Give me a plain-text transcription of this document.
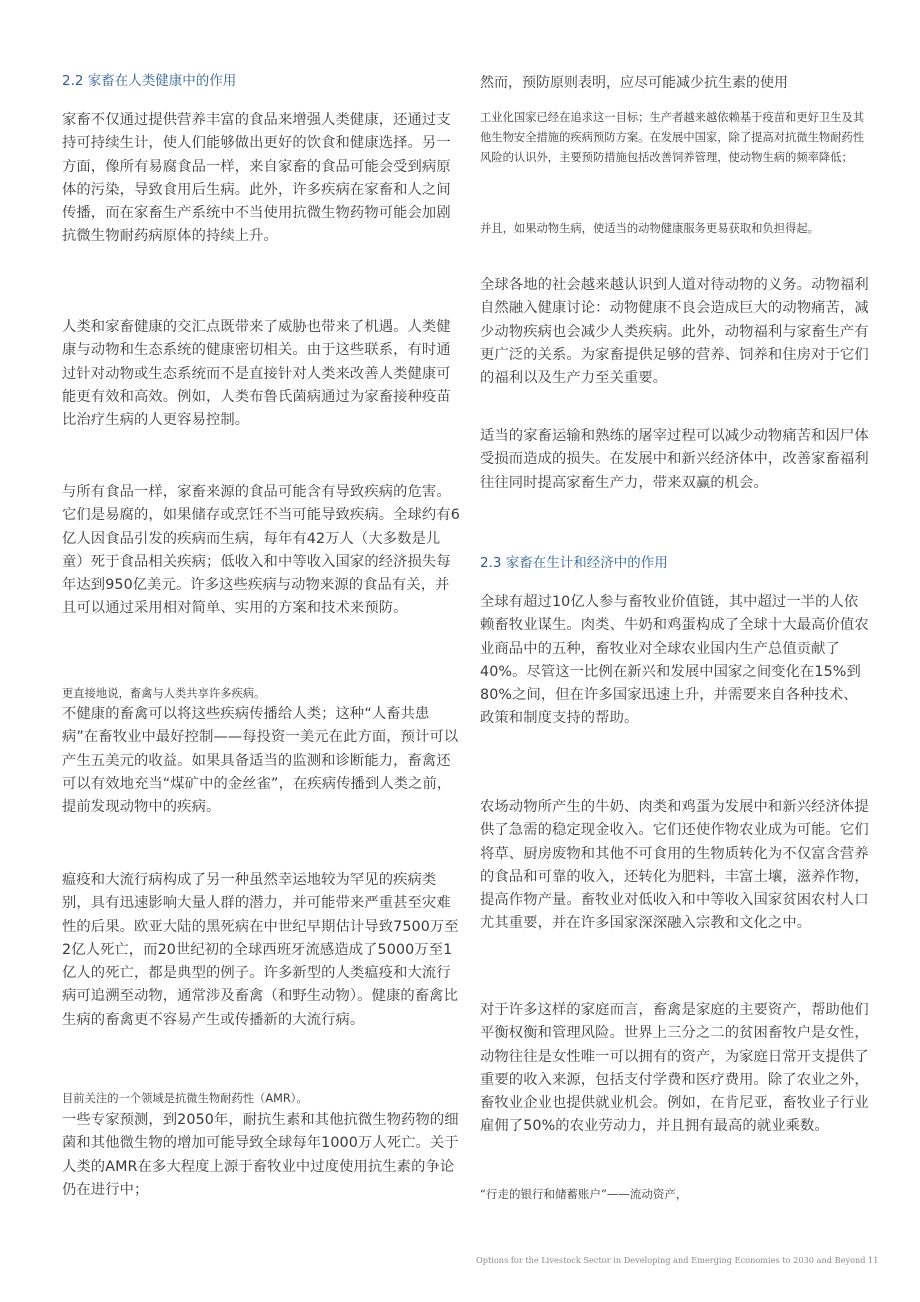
2.2 家畜在人类健康中的作用
家畜不仅通过提供营养丰富的食品来增强人类健康，还通过支持可持续生计，使人们能够做出更好的饮食和健康选择。另一方面，像所有易腐食品一样，来自家畜的食品可能会受到病原体的污染，导致食用后生病。此外，许多疾病在家畜和人之间传播，而在家畜生产系统中不当使用抗微生物药物可能会加剧抗微生物耐药病原体的持续上升。
人类和家畜健康的交汇点既带来了威胁也带来了机遇。人类健康与动物和生态系统的健康密切相关。由于这些联系，有时通过针对动物或生态系统而不是直接针对人类来改善人类健康可能更有效和高效。例如，人类布鲁氏菌病通过为家畜接种疫苗比治疗生病的人更容易控制。
与所有食品一样，家畜来源的食品可能含有导致疾病的危害。它们是易腐的，如果储存或烹饪不当可能导致疾病。全球约有6亿人因食品引发的疾病而生病，每年有42万人（大多数是儿童）死于食品相关疾病；低收入和中等收入国家的经济损失每年达到950亿美元。许多这些疾病与动物来源的食品有关，并且可以通过采用相对简单、实用的方案和技术来预防。
更直接地说，畜禽与人类共享许多疾病。
不健康的畜禽可以将这些疾病传播给人类；这种“人畜共患病”在畜牧业中最好控制——每投资一美元在此方面，预计可以产生五美元的收益。如果具备适当的监测和诊断能力，畜禽还可以有效地充当“煤矿中的金丝雀”，在疾病传播到人类之前，提前发现动物中的疾病。
瘟疫和大流行病构成了另一种虽然幸运地较为罕见的疾病类别，具有迅速影响大量人群的潜力，并可能带来严重甚至灾难性的后果。欧亚大陆的黑死病在中世纪早期估计导致7500万至2亿人死亡，而20世纪初的全球西班牙流感造成了5000万至1亿人的死亡，都是典型的例子。许多新型的人类瘟疫和大流行病可追溯至动物，通常涉及畜禽（和野生动物）。健康的畜禽比生病的畜禽更不容易产生或传播新的大流行病。
目前关注的一个领域是抗微生物耐药性（AMR）。
一些专家预测，到2050年，耐抗生素和其他抗微生物药物的细菌和其他微生物的增加可能导致全球每年1000万人死亡。关于人类的AMR在多大程度上源于畜牧业中过度使用抗生素的争论仍在进行中；
然而，预防原则表明，应尽可能减少抗生素的使用
工业化国家已经在追求这一目标；生产者越来越依赖基于疫苗和更好卫生及其他生物安全措施的疾病预防方案。在发展中国家，除了提高对抗微生物耐药性风险的认识外，主要预防措施包括改善饲养管理，使动物生病的频率降低；
并且，如果动物生病，使适当的动物健康服务更易获取和负担得起。
全球各地的社会越来越认识到人道对待动物的义务。动物福利自然融入健康讨论：动物健康不良会造成巨大的动物痛苦，减少动物疾病也会减少人类疾病。此外，动物福利与家畜生产有更广泛的关系。为家畜提供足够的营养、饲养和住房对于它们的福利以及生产力至关重要。
适当的家畜运输和熟练的屠宰过程可以减少动物痛苦和因尸体受损而造成的损失。在发展中和新兴经济体中，改善家畜福利往往同时提高家畜生产力，带来双赢的机会。
2.3 家畜在生计和经济中的作用
全球有超过10亿人参与畜牧业价值链，其中超过一半的人依赖畜牧业谋生。肉类、牛奶和鸡蛋构成了全球十大最高价值农业商品中的五种，畜牧业对全球农业国内生产总值贡献了40%。尽管这一比例在新兴和发展中国家之间变化在15%到80%之间，但在许多国家迅速上升，并需要来自各种技术、政策和制度支持的帮助。
农场动物所产生的牛奶、肉类和鸡蛋为发展中和新兴经济体提供了急需的稳定现金收入。它们还使作物农业成为可能。它们将草、厨房废物和其他不可食用的生物质转化为不仅富含营养的食品和可靠的收入，还转化为肥料，丰富土壤，滋养作物，提高作物产量。畜牧业对低收入和中等收入国家贫困农村人口尤其重要，并在许多国家深深融入宗教和文化之中。
对于许多这样的家庭而言，畜禽是家庭的主要资产，帮助他们平衡权衡和管理风险。世界上三分之二的贫困畜牧户是女性，动物往往是女性唯一可以拥有的资产，为家庭日常开支提供了重要的收入来源，包括支付学费和医疗费用。除了农业之外，畜牧业企业也提供就业机会。例如，在肯尼亚，畜牧业子行业雇佣了50%的农业劳动力，并且拥有最高的就业乘数。
“行走的银行和储蓄账户”——流动资产，
Options for the Livestock Sector in Developing and Emerging Economies to 2030 and Beyond 11
